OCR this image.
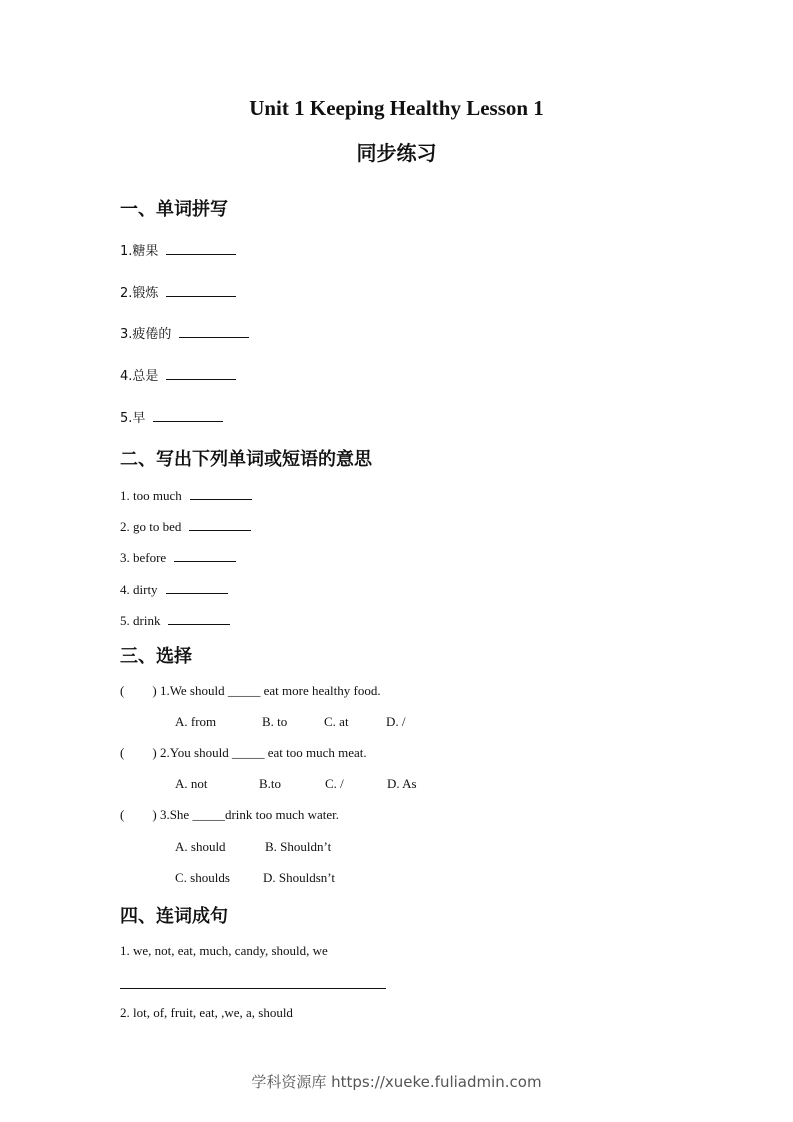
Unit 1 Keeping Healthy Lesson 1
同步练习
一、单词拼写
1.糖果
2.锻炼
3.疲倦的
4.总是
5.早
二、写出下列单词或短语的意思
1. too much
2. go to bed
3. before
4. dirty
5. drink
三、选择
( ) 1.We should _____ eat more healthy food.
A. from	B. to	C. at	D. /
( ) 2.You should _____ eat too much meat.
A. not	B.to	C. /	D. As
( ) 3.She _____drink too much water.
A. should	B. Shouldn’t
C. shoulds	D. Shouldsn’t
四、连词成句
1. we, not, eat, much, candy, should, we
2. lot, of, fruit, eat, ,we, a, should
学科资源库 https://xueke.fuliadmin.com
